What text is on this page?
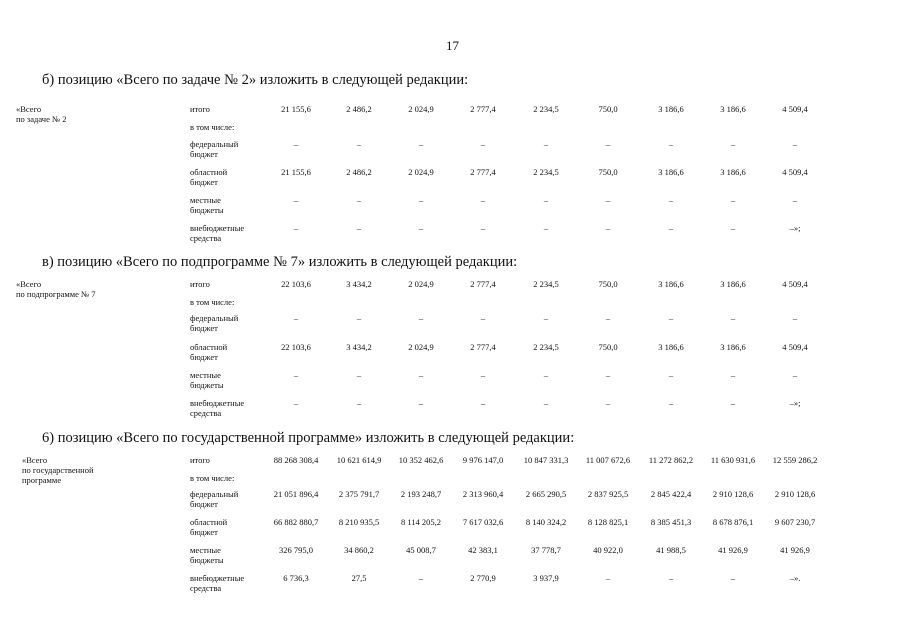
17
б) позицию «Всего по задаче № 2» изложить в следующей редакции:
«Всего
по задаче № 2
итого	21 155,6	2 486,2	2 024,9	2 777,4	2 234,5	750,0	3 186,6	3 186,6	4 509,4
в том числе:
федеральный
бюджет
–	–	–	–	–	–	–	–	–
областной
бюджет
21 155,6	2 486,2	2 024,9	2 777,4	2 234,5	750,0	3 186,6	3 186,6	4 509,4
местные
бюджеты
–	–	–	–	–	–	–	–	–
внебюджетные
средства
–	–	–	–	–	–	–	–	–»;
в) позицию «Всего по подпрограмме № 7» изложить в следующей редакции:
«Всего
по подпрограмме № 7
итого	22 103,6	3 434,2	2 024,9	2 777,4	2 234,5	750,0	3 186,6	3 186,6	4 509,4
в том числе:
федеральный
бюджет
–	–	–	–	–	–	–	–	–
областной
бюджет
22 103,6	3 434,2	2 024,9	2 777,4	2 234,5	750,0	3 186,6	3 186,6	4 509,4
местные
бюджеты
–	–	–	–	–	–	–	–	–
внебюджетные
средства
–	–	–	–	–	–	–	–	–»;
6) позицию «Всего по государственной программе» изложить в следующей редакции:
«Всего
по государственной
программе
итого	88 268 308,4	10 621 614,9	10 352 462,6	9 976 147,0	10 847 331,3	11 007 672,6	11 272 862,2	11 630 931,6	12 559 286,2
в том числе:
федеральный
бюджет
21 051 896,4	2 375 791,7	2 193 248,7	2 313 960,4	2 665 290,5	2 837 925,5	2 845 422,4	2 910 128,6	2 910 128,6
областной
бюджет
66 882 880,7	8 210 935,5	8 114 205,2	7 617 032,6	8 140 324,2	8 128 825,1	8 385 451,3	8 678 876,1	9 607 230,7
местные
бюджеты
326 795,0	34 860,2	45 008,7	42 383,1	37 778,7	40 922,0	41 988,5	41 926,9	41 926,9
внебюджетные
средства
6 736,3	27,5	–	2 770,9	3 937,9	–	–	–	–».
